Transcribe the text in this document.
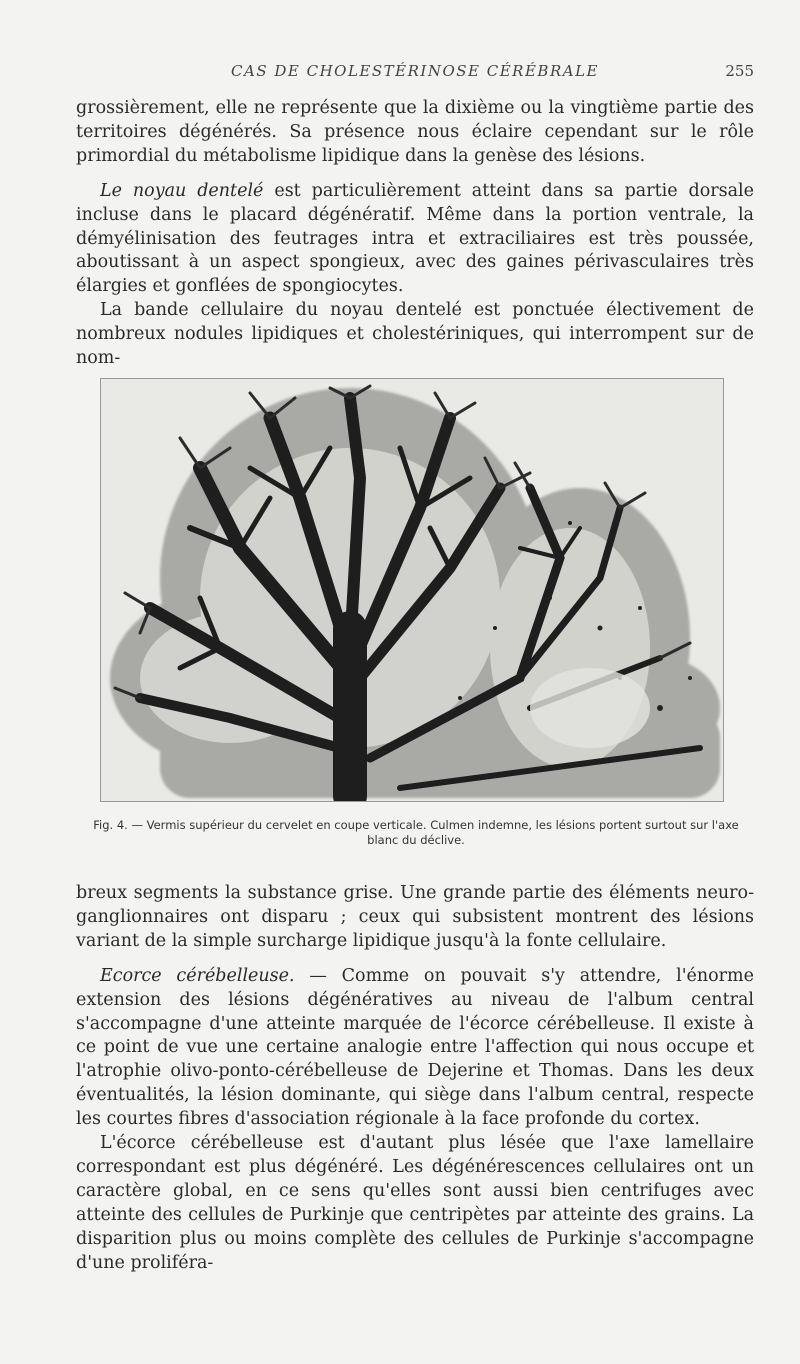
CAS DE CHOLESTÉRINOSE CÉRÉBRALE	255

grossièrement, elle ne représente que la dixième ou la vingtième partie des territoires dégénérés. Sa présence nous éclaire cependant sur le rôle primordial du métabolisme lipidique dans la genèse des lésions.

Le noyau dentelé est particulièrement atteint dans sa partie dorsale incluse dans le placard dégénératif. Même dans la portion ventrale, la démyélinisation des feutrages intra et extraciliaires est très poussée, aboutissant à un aspect spongieux, avec des gaines périvasculaires très élargies et gonflées de spongiocytes.

La bande cellulaire du noyau dentelé est ponctuée électivement de nombreux nodules lipidiques et cholestériniques, qui interrompent sur de nom-

Fig. 4. — Vermis supérieur du cervelet en coupe verticale. Culmen indemne, les lésions portent surtout sur l'axe blanc du déclive.

breux segments la substance grise. Une grande partie des éléments neuro-ganglionnaires ont disparu ; ceux qui subsistent montrent des lésions variant de la simple surcharge lipidique jusqu'à la fonte cellulaire.

Ecorce cérébelleuse. — Comme on pouvait s'y attendre, l'énorme extension des lésions dégénératives au niveau de l'album central s'accompagne d'une atteinte marquée de l'écorce cérébelleuse. Il existe à ce point de vue une certaine analogie entre l'affection qui nous occupe et l'atrophie olivo-ponto-cérébelleuse de Dejerine et Thomas. Dans les deux éventualités, la lésion dominante, qui siège dans l'album central, respecte les courtes fibres d'association régionale à la face profonde du cortex.

L'écorce cérébelleuse est d'autant plus lésée que l'axe lamellaire correspondant est plus dégénéré. Les dégénérescences cellulaires ont un caractère global, en ce sens qu'elles sont aussi bien centrifuges avec atteinte des cellules de Purkinje que centripètes par atteinte des grains. La disparition plus ou moins complète des cellules de Purkinje s'accompagne d'une proliféra-
